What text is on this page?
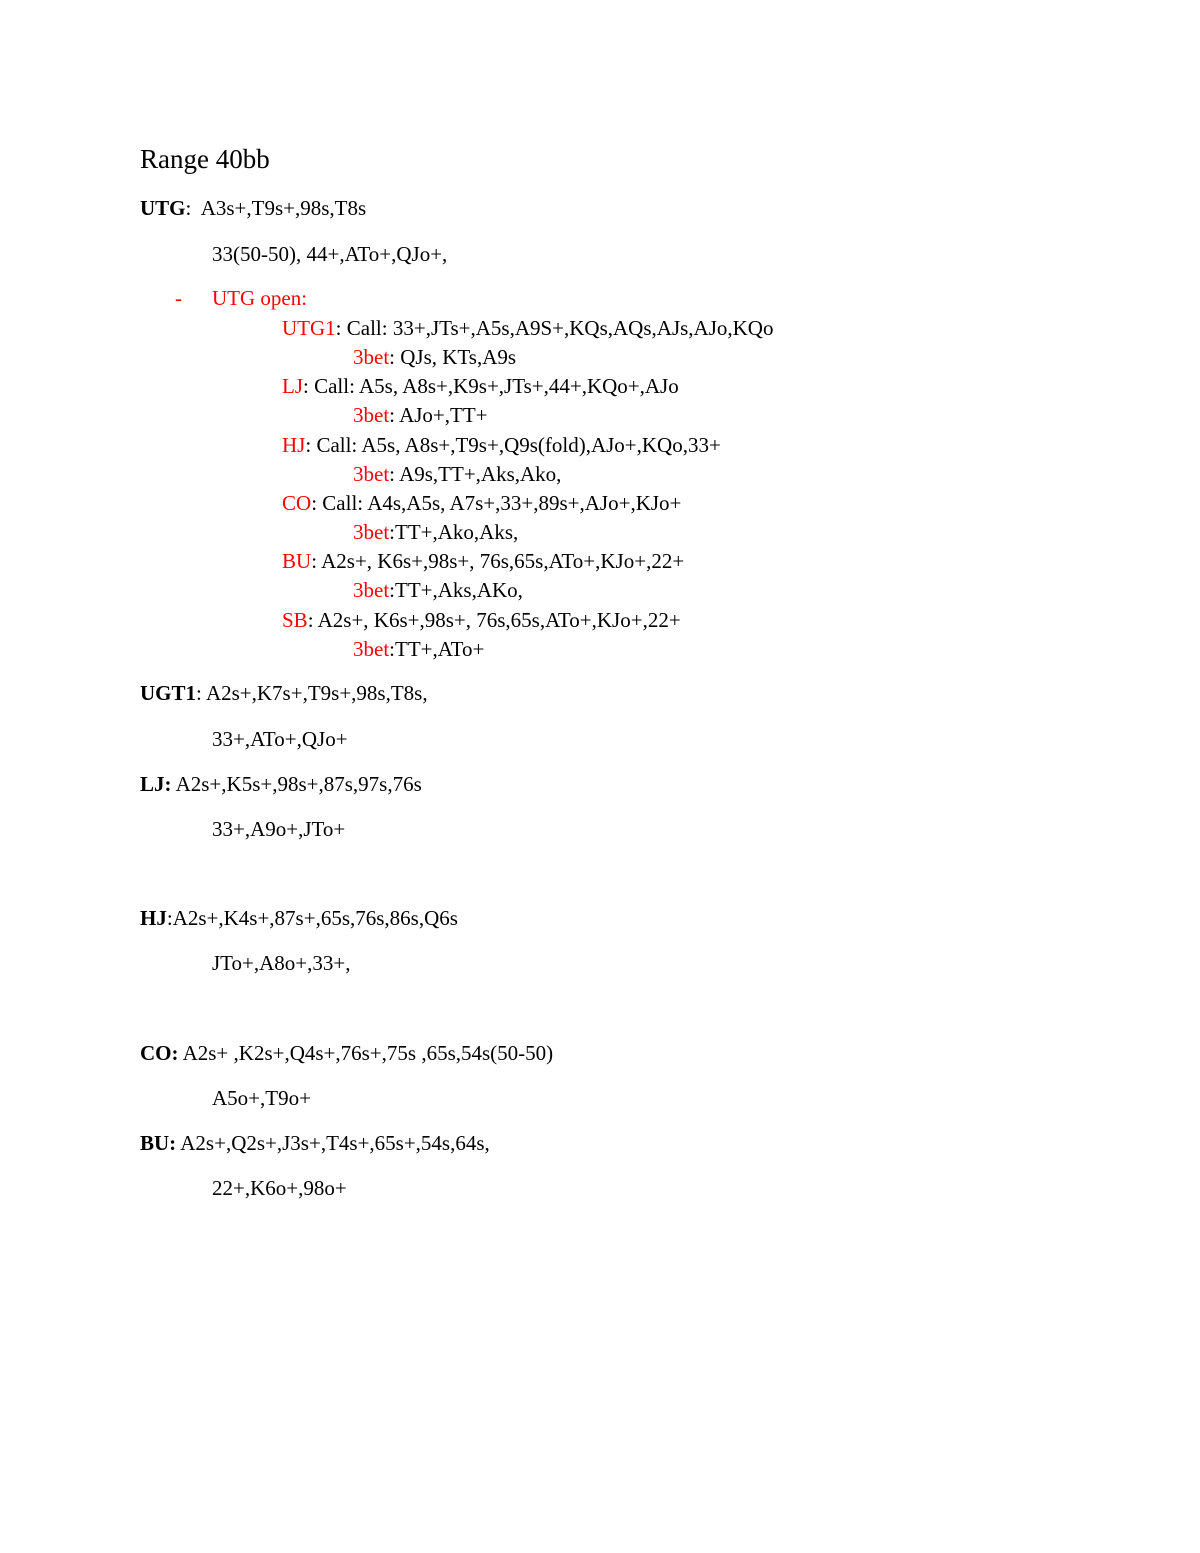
Range 40bb
UTG:  A3s+,T9s+,98s,T8s
33(50-50), 44+,ATo+,QJo+,
- UTG open:
UTG1: Call: 33+,JTs+,A5s,A9S+,KQs,AQs,AJs,AJo,KQo
3bet: QJs, KTs,A9s
LJ: Call: A5s, A8s+,K9s+,JTs+,44+,KQo+,AJo
3bet: AJo+,TT+
HJ: Call: A5s, A8s+,T9s+,Q9s(fold),AJo+,KQo,33+
3bet: A9s,TT+,Aks,Ako,
CO: Call: A4s,A5s, A7s+,33+,89s+,AJo+,KJo+
3bet:TT+,Ako,Aks,
BU: A2s+, K6s+,98s+, 76s,65s,ATo+,KJo+,22+
3bet:TT+,Aks,AKo,
SB: A2s+, K6s+,98s+, 76s,65s,ATo+,KJo+,22+
3bet:TT+,ATo+
UGT1: A2s+,K7s+,T9s+,98s,T8s,
33+,ATo+,QJo+
LJ: A2s+,K5s+,98s+,87s,97s,76s
33+,A9o+,JTo+
HJ:A2s+,K4s+,87s+,65s,76s,86s,Q6s
JTo+,A8o+,33+,
CO: A2s+ ,K2s+,Q4s+,76s+,75s ,65s,54s(50-50)
A5o+,T9o+
BU: A2s+,Q2s+,J3s+,T4s+,65s+,54s,64s,
22+,K6o+,98o+
